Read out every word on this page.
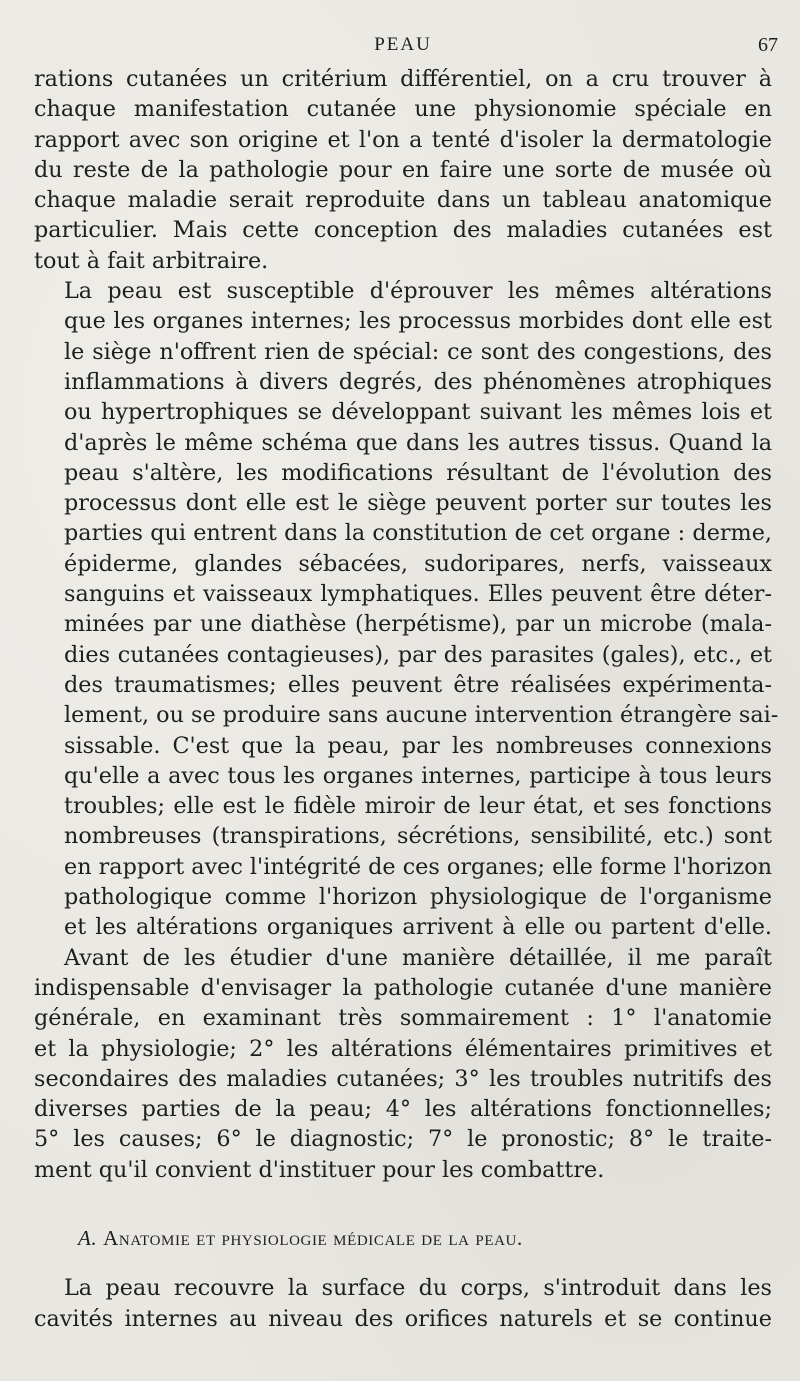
PEAU	67

rations cutanées un critérium différentiel, on a cru trouver à
chaque manifestation cutanée une physionomie spéciale en
rapport avec son origine et l'on a tenté d'isoler la dermatologie
du reste de la pathologie pour en faire une sorte de musée où
chaque maladie serait reproduite dans un tableau anatomique
particulier. Mais cette conception des maladies cutanées est
tout à fait arbitraire.

La peau est susceptible d'éprouver les mêmes altérations
que les organes internes; les processus morbides dont elle est
le siège n'offrent rien de spécial: ce sont des congestions, des
inflammations à divers degrés, des phénomènes atrophiques
ou hypertrophiques se développant suivant les mêmes lois et
d'après le même schéma que dans les autres tissus. Quand la
peau s'altère, les modifications résultant de l'évolution des
processus dont elle est le siège peuvent porter sur toutes les
parties qui entrent dans la constitution de cet organe : derme,
épiderme, glandes sébacées, sudoripares, nerfs, vaisseaux
sanguins et vaisseaux lymphatiques. Elles peuvent être déter-
minées par une diathèse (herpétisme), par un microbe (mala-
dies cutanées contagieuses), par des parasites (gales), etc., et
des traumatismes; elles peuvent être réalisées expérimenta-
lement, ou se produire sans aucune intervention étrangère sai-
sissable. C'est que la peau, par les nombreuses connexions
qu'elle a avec tous les organes internes, participe à tous leurs
troubles; elle est le fidèle miroir de leur état, et ses fonctions
nombreuses (transpirations, sécrétions, sensibilité, etc.) sont
en rapport avec l'intégrité de ces organes; elle forme l'horizon
pathologique comme l'horizon physiologique de l'organisme
et les altérations organiques arrivent à elle ou partent d'elle.

Avant de les étudier d'une manière détaillée, il me paraît
indispensable d'envisager la pathologie cutanée d'une manière
générale, en examinant très sommairement : 1° l'anatomie
et la physiologie; 2° les altérations élémentaires primitives et
secondaires des maladies cutanées; 3° les troubles nutritifs des
diverses parties de la peau; 4° les altérations fonctionnelles;
5° les causes; 6° le diagnostic; 7° le pronostic; 8° le traite-
ment qu'il convient d'instituer pour les combattre.

A. Anatomie et physiologie médicale de la peau.

La peau recouvre la surface du corps, s'introduit dans les
cavités internes au niveau des orifices naturels et se continue
